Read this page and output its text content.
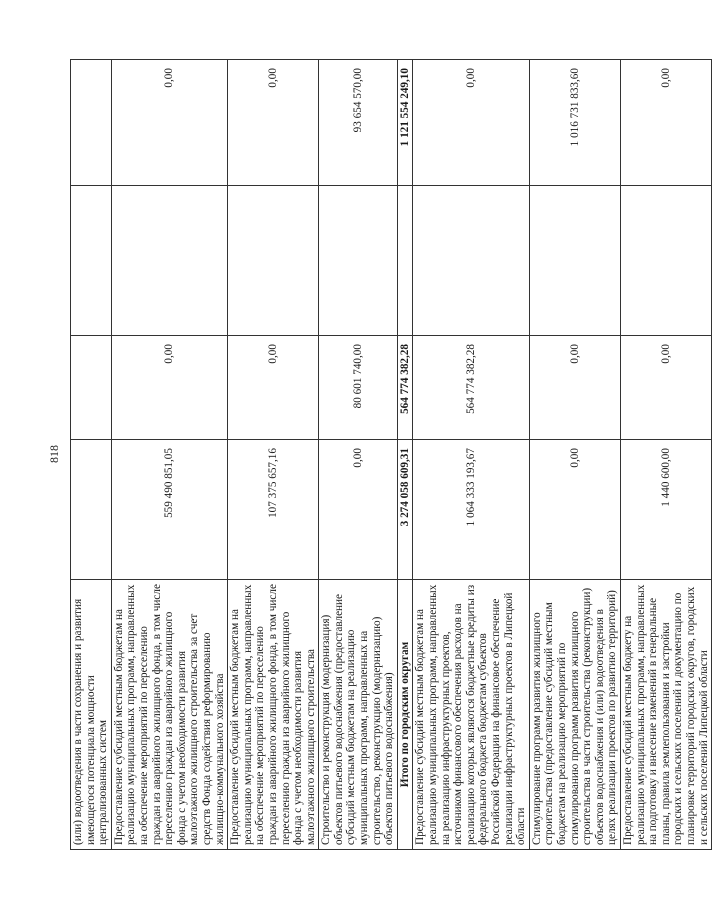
818
(или) водоотведения в части сохранения и развития имеющегося потенциала мощности централизованных систем				
Предоставление субсидий местным бюджетам на реализацию муниципальных программ, направленных на обеспечение мероприятий по переселению граждан из аварийного жилищного фонда, в том числе переселению граждан из аварийного жилищного фонда с учетом необходимости развития малоэтажного жилищного строительства за счет средств Фонда содействия реформированию жилищно-коммунального хозяйства	559 490 851,05	0,00		0,00
Предоставление субсидий местным бюджетам на реализацию муниципальных программ, направленных на обеспечение мероприятий по переселению граждан из аварийного жилищного фонда, в том числе переселению граждан из аварийного жилищного фонда с учетом необходимости развития малоэтажного жилищного строительства	107 375 657,16	0,00		0,00
Строительство и реконструкция (модернизация) объектов питьевого водоснабжения (предоставление субсидий местным бюджетам на реализацию муниципальных программ, направленных на строительство, реконструкцию (модернизацию) объектов питьевого водоснабжения)	0,00	80 601 740,00		93 654 570,00
Итого по городским округам	3 274 058 609,31	564 774 382,28		1 121 554 249,10
Предоставление субсидий местным бюджетам на реализацию муниципальных программ, направленных на реализацию инфраструктурных проектов, источником финансового обеспечения расходов на реализацию которых являются бюджетные кредиты из федерального бюджета бюджетам субъектов Российской Федерации на финансовое обеспечение реализации инфраструктурных проектов в Липецкой области	1 064 333 193,67	564 774 382,28		0,00
Стимулирование программ развития жилищного строительства (предоставление субсидий местным бюджетам на реализацию мероприятий по стимулированию программ развития жилищного строительства в части строительства (реконструкции) объектов водоснабжения и (или) водоотведения в целях реализации проектов по развитию территорий)	0,00	0,00		1 016 731 833,60
Предоставление субсидий местным бюджету на реализацию муниципальных программ, направленных на подготовку и внесение изменений в генеральные планы, правила землепользования и застройки городских и сельских поселений и документацию по планировке территорий городских округов, городских и сельских поселений Липецкой области	1 440 600,00	0,00		0,00
